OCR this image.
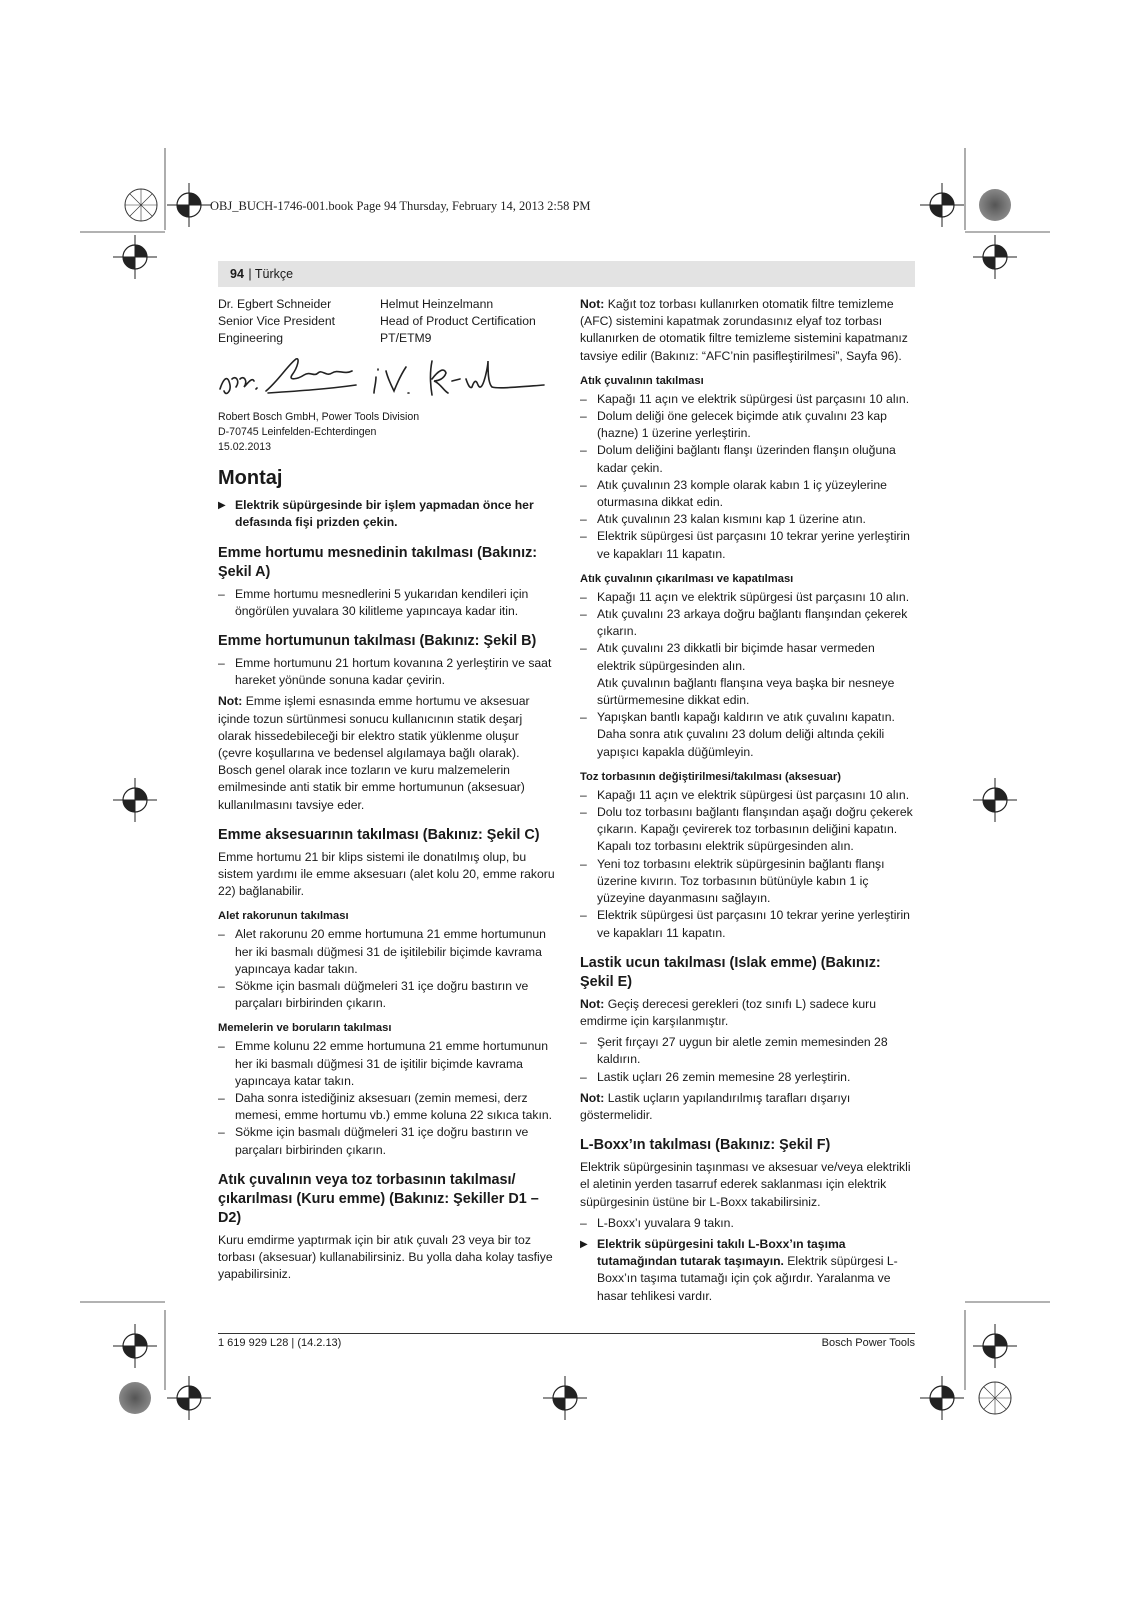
OBJ_BUCH-1746-001.book Page 94 Thursday, February 14, 2013 2:58 PM
94 | Türkçe
Dr. Egbert Schneider
Senior Vice President
Engineering
Helmut Heinzelmann
Head of Product Certification
PT/ETM9
Robert Bosch GmbH, Power Tools Division
D-70745 Leinfelden-Echterdingen
15.02.2013
Montaj

▶ Elektrik süpürgesinde bir işlem yapmadan önce her defasında fişi prizden çekin.

Emme hortumu mesnedinin takılması (Bakınız: Şekil A)
– Emme hortumu mesnedlerini 5 yukarıdan kendileri için öngörülen yuvalara 30 kilitleme yapıncaya kadar itin.
Emme hortumunun takılması (Bakınız: Şekil B)
– Emme hortumunu 21 hortum kovanına 2 yerleştirin ve saat hareket yönünde sonuna kadar çevirin.

Not: Emme işlemi esnasında emme hortumu ve aksesuar içinde tozun sürtünmesi sonucu kullanıcının statik deşarj olarak hissedebileceği bir elektro statik yüklenme oluşur (çevre koşullarına ve bedensel algılamaya bağlı olarak).

Bosch genel olarak ince tozların ve kuru malzemelerin emilmesinde anti statik bir emme hortumunun (aksesuar) kullanılmasını tavsiye eder.

Emme aksesuarının takılması (Bakınız: Şekil C)

Emme hortumu 21 bir klips sistemi ile donatılmış olup, bu sistem yardımı ile emme aksesuarı (alet kolu 20, emme rakoru 22) bağlanabilir.

Alet rakorunun takılması
– Alet rakorunu 20 emme hortumuna 21 emme hortumunun her iki basmalı düğmesi 31 de işitilebilir biçimde kavrama yapıncaya kadar takın.
– Sökme için basmalı düğmeleri 31 içe doğru bastırın ve parçaları birbirinden çıkarın.
Memelerin ve boruların takılması
– Emme kolunu 22 emme hortumuna 21 emme hortumunun her iki basmalı düğmesi 31 de işitilir biçimde kavrama yapıncaya katar takın.
– Daha sonra istediğiniz aksesuarı (zemin memesi, derz memesi, emme hortumu vb.) emme koluna 22 sıkıca takın.
– Sökme için basmalı düğmeleri 31 içe doğru bastırın ve parçaları birbirinden çıkarın.
Atık çuvalının veya toz torbasının takılması/çıkarılması (Kuru emme) (Bakınız: Şekiller D1 – D2)

Kuru emdirme yaptırmak için bir atık çuvalı 23 veya bir toz torbası (aksesuar) kullanabilirsiniz. Bu yolla daha kolay tasfiye yapabilirsiniz.

Not: Kağıt toz torbası kullanırken otomatik filtre temizleme (AFC) sistemini kapatmak zorundasınız elyaf toz torbası kullanırken de otomatik filtre temizleme sistemini kapatmanız tavsiye edilir (Bakınız: “AFC’nin pasifleştirilmesi”, Sayfa 96).

Atık çuvalının takılması
– Kapağı 11 açın ve elektrik süpürgesi üst parçasını 10 alın.
– Dolum deliği öne gelecek biçimde atık çuvalını 23 kap (hazne) 1 üzerine yerleştirin.
– Dolum deliğini bağlantı flanşı üzerinden flanşın oluğuna kadar çekin.
– Atık çuvalının 23 komple olarak kabın 1 iç yüzeylerine oturmasına dikkat edin.
– Atık çuvalının 23 kalan kısmını kap 1 üzerine atın.
– Elektrik süpürgesi üst parçasını 10 tekrar yerine yerleştirin ve kapakları 11 kapatın.
Atık çuvalının çıkarılması ve kapatılması
– Kapağı 11 açın ve elektrik süpürgesi üst parçasını 10 alın.
– Atık çuvalını 23 arkaya doğru bağlantı flanşından çekerek çıkarın.
– Atık çuvalını 23 dikkatli bir biçimde hasar vermeden elektrik süpürgesinden alın.
Atık çuvalının bağlantı flanşına veya başka bir nesneye sürtürmemesine dikkat edin.
– Yapışkan bantlı kapağı kaldırın ve atık çuvalını kapatın. Daha sonra atık çuvalını 23 dolum deliği altında çekili yapışıcı kapakla düğümleyin.
Toz torbasının değiştirilmesi/takılması (aksesuar)
– Kapağı 11 açın ve elektrik süpürgesi üst parçasını 10 alın.
– Dolu toz torbasını bağlantı flanşından aşağı doğru çekerek çıkarın. Kapağı çevirerek toz torbasının deliğini kapatın. Kapalı toz torbasını elektrik süpürgesinden alın.
– Yeni toz torbasını elektrik süpürgesinin bağlantı flanşı üzerine kıvırın. Toz torbasının bütünüyle kabın 1 iç yüzeyine dayanmasını sağlayın.
– Elektrik süpürgesi üst parçasını 10 tekrar yerine yerleştirin ve kapakları 11 kapatın.
Lastik ucun takılması (Islak emme) (Bakınız: Şekil E)

Not: Geçiş derecesi gerekleri (toz sınıfı L) sadece kuru emdirme için karşılanmıştır.

– Şerit fırçayı 27 uygun bir aletle zemin memesinden 28 kaldırın.
– Lastik uçları 26 zemin memesine 28 yerleştirin.

Not: Lastik uçların yapılandırılmış tarafları dışarıyı göstermelidir.

L-Boxx’ın takılması (Bakınız: Şekil F)

Elektrik süpürgesinin taşınması ve aksesuar ve/veya elektrikli el aletinin yerden tasarruf ederek saklanması için elektrik süpürgesinin üstüne bir L-Boxx takabilirsiniz.

– L-Boxx’ı yuvalara 9 takın.

▶ Elektrik süpürgesini takılı L-Boxx’ın taşıma tutamağından tutarak taşımayın. Elektrik süpürgesi L-Boxx’ın taşıma tutamağı için çok ağırdır. Yaralanma ve hasar tehlikesi vardır.

1 619 929 L28 | (14.2.13)	Bosch Power Tools
